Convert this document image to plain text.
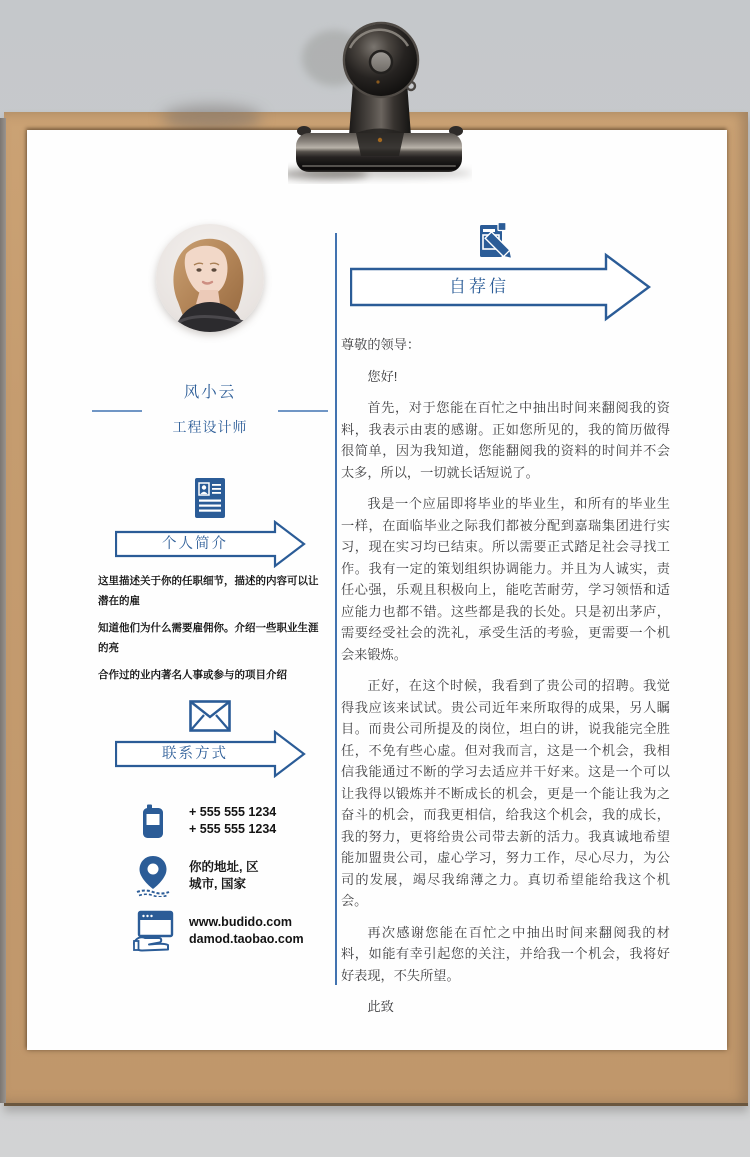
风小云
工程设计师
个人简介

这里描述关于你的任职细节，描述的内容可以让潜在的雇

知道他们为什么需要雇佣你。介绍一些职业生涯的亮

合作过的业内著名人事或参与的项目介绍

联系方式
+ 555 555 1234
+ 555 555 1234
你的地址, 区
城市, 国家
www.budido.com
damod.taobao.com
自荐信

尊敬的领导：

您好!

首先，对于您能在百忙之中抽出时间来翻阅我的资料，我表示由衷的感谢。正如您所见的，我的简历做得很简单，因为我知道，您能翻阅我的资料的时间并不会太多，所以，一切就长话短说了。

我是一个应届即将毕业的毕业生，和所有的毕业生一样，在面临毕业之际我们都被分配到嘉瑞集团进行实习，现在实习均已结束。所以需要正式踏足社会寻找工作。我有一定的策划组织协调能力。并且为人诚实，责任心强，乐观且积极向上，能吃苦耐劳，学习领悟和适应能力也都不错。这些都是我的长处。只是初出茅庐，需要经受社会的洗礼，承受生活的考验，更需要一个机会来锻炼。

正好，在这个时候，我看到了贵公司的招聘。我觉得我应该来试试。贵公司近年来所取得的成果，另人瞩目。而贵公司所提及的岗位，坦白的讲，说我能完全胜任，不免有些心虚。但对我而言，这是一个机会，我相信我能通过不断的学习去适应并干好来。这是一个可以让我得以锻炼并不断成长的机会，更是一个能让我为之奋斗的机会，而我更相信，给我这个机会，我的成长，我的努力，更将给贵公司带去新的活力。我真诚地希望能加盟贵公司，虚心学习，努力工作，尽心尽力，为公司的发展，竭尽我绵薄之力。真切希望能给我这个机会。

再次感谢您能在百忙之中抽出时间来翻阅我的材料，如能有幸引起您的关注，并给我一个机会，我将好好表现，不失所望。

此致
